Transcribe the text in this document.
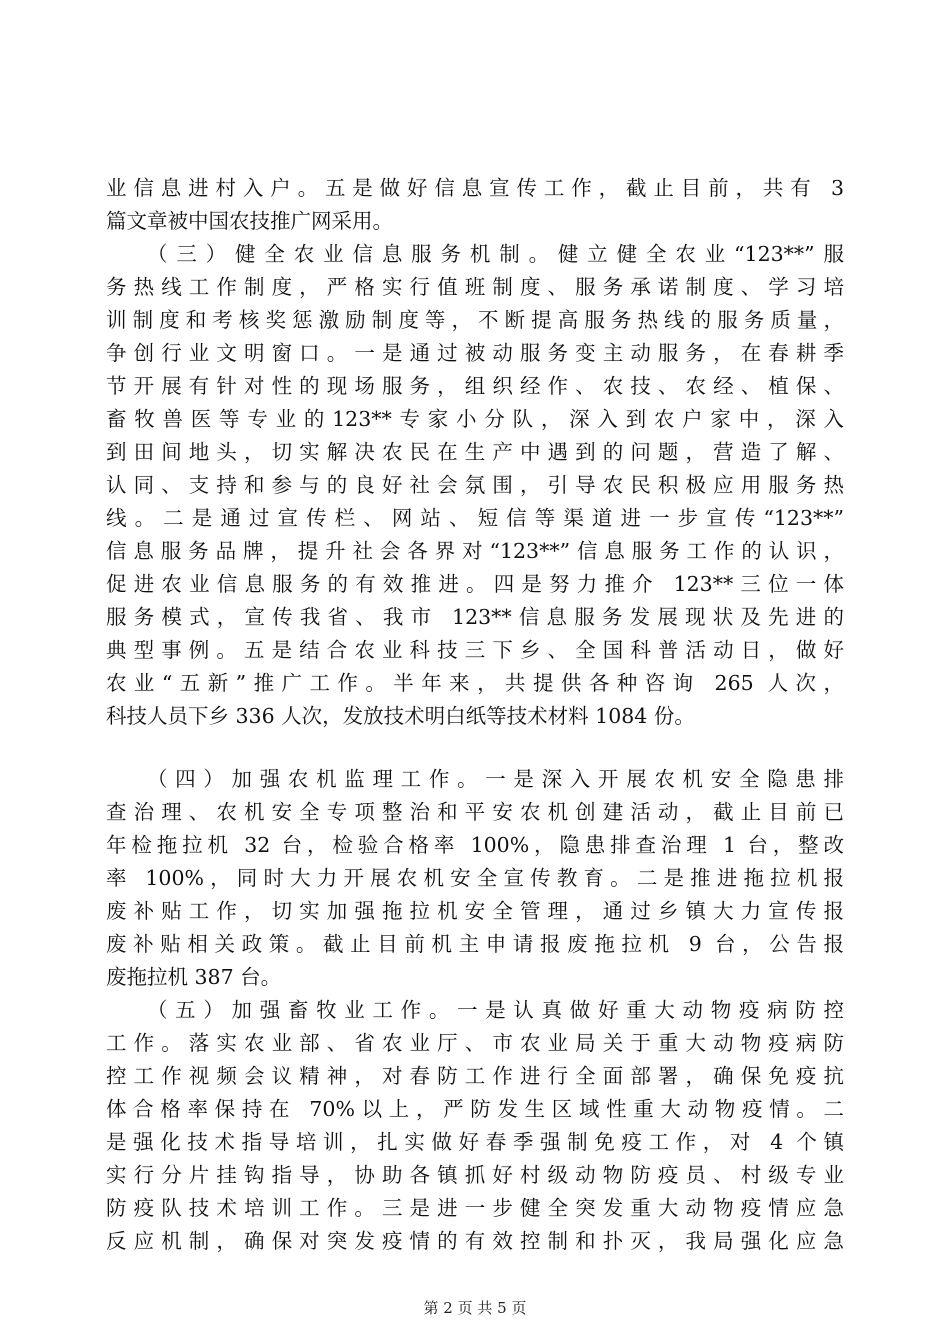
业信息进村入户。五是做好信息宣传工作，截止目前，共有 3
篇文章被中国农技推广网采用。
（三）健全农业信息服务机制。健立健全农业“123**”服
务热线工作制度，严格实行值班制度、服务承诺制度、学习培
训制度和考核奖惩激励制度等，不断提高服务热线的服务质量，
争创行业文明窗口。一是通过被动服务变主动服务，在春耕季
节开展有针对性的现场服务，组织经作、农技、农经、植保、
畜牧兽医等专业的123**专家小分队，深入到农户家中，深入
到田间地头，切实解决农民在生产中遇到的问题，营造了解、
认同、支持和参与的良好社会氛围，引导农民积极应用服务热
线。二是通过宣传栏、网站、短信等渠道进一步宣传“123**”
信息服务品牌，提升社会各界对“123**”信息服务工作的认识，
促进农业信息服务的有效推进。四是努力推介 123**三位一体
服务模式，宣传我省、我市 123**信息服务发展现状及先进的
典型事例。五是结合农业科技三下乡、全国科普活动日，做好
农业“五新”推广工作。半年来，共提供各种咨询 265 人次，
科技人员下乡 336 人次，发放技术明白纸等技术材料 1084 份。
（四）加强农机监理工作。一是深入开展农机安全隐患排
查治理、农机安全专项整治和平安农机创建活动，截止目前已
年检拖拉机 32 台，检验合格率 100%，隐患排查治理 1 台，整改
率 100%，同时大力开展农机安全宣传教育。二是推进拖拉机报
废补贴工作，切实加强拖拉机安全管理，通过乡镇大力宣传报
废补贴相关政策。截止目前机主申请报废拖拉机 9 台，公告报
废拖拉机 387 台。
（五）加强畜牧业工作。一是认真做好重大动物疫病防控
工作。落实农业部、省农业厅、市农业局关于重大动物疫病防
控工作视频会议精神，对春防工作进行全面部署，确保免疫抗
体合格率保持在 70%以上，严防发生区域性重大动物疫情。二
是强化技术指导培训，扎实做好春季强制免疫工作，对 4 个镇
实行分片挂钩指导，协助各镇抓好村级动物防疫员、村级专业
防疫队技术培训工作。三是进一步健全突发重大动物疫情应急
反应机制，确保对突发疫情的有效控制和扑灭，我局强化应急
第 2 页 共 5 页
